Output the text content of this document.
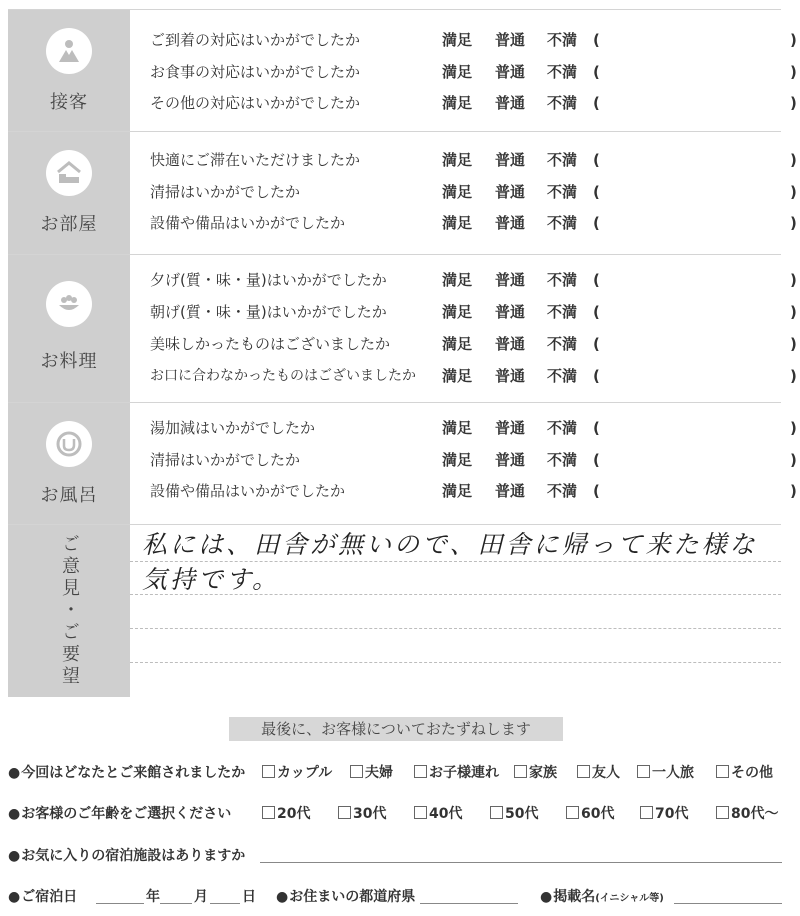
接客
ご到着の対応はいかがでしたか	満足 普通 不満 (	)
お食事の対応はいかがでしたか	満足 普通 不満 (	)
その他の対応はいかがでしたか	満足 普通 不満 (	)
お部屋
快適にご滞在いただけましたか	満足 普通 不満 (	)
清掃はいかがでしたか	満足 普通 不満 (	)
設備や備品はいかがでしたか	満足 普通 不満 (	)
お料理
夕げ(質・味・量)はいかがでしたか	満足 普通 不満 (	)
朝げ(質・味・量)はいかがでしたか	満足 普通 不満 (	)
美味しかったものはございましたか	満足 普通 不満 (	)
お口に合わなかったものはございましたか 満足 普通 不満 (	)
お風呂
湯加減はいかがでしたか	満足 普通 不満 (	)
清掃はいかがでしたか	満足 普通 不満 (	)
設備や備品はいかがでしたか	満足 普通 不満 (	)
ご意見・ご要望 私には、田舎が無いので、田舎に帰って来た様な気持です。
最後に、お客様についておたずねします
●今回はどなたとご来館されましたか	カップル	夫婦	お子様連れ	家族	友人	一人旅	その他
●お客様のご年齢をご選択ください	20代	30代	40代	50代	60代	70代	80代〜
●お気に入りの宿泊施設はありますか
●ご宿泊日	年 月 日 ●お住まいの都道府県	●掲載名(イニシャル等)
